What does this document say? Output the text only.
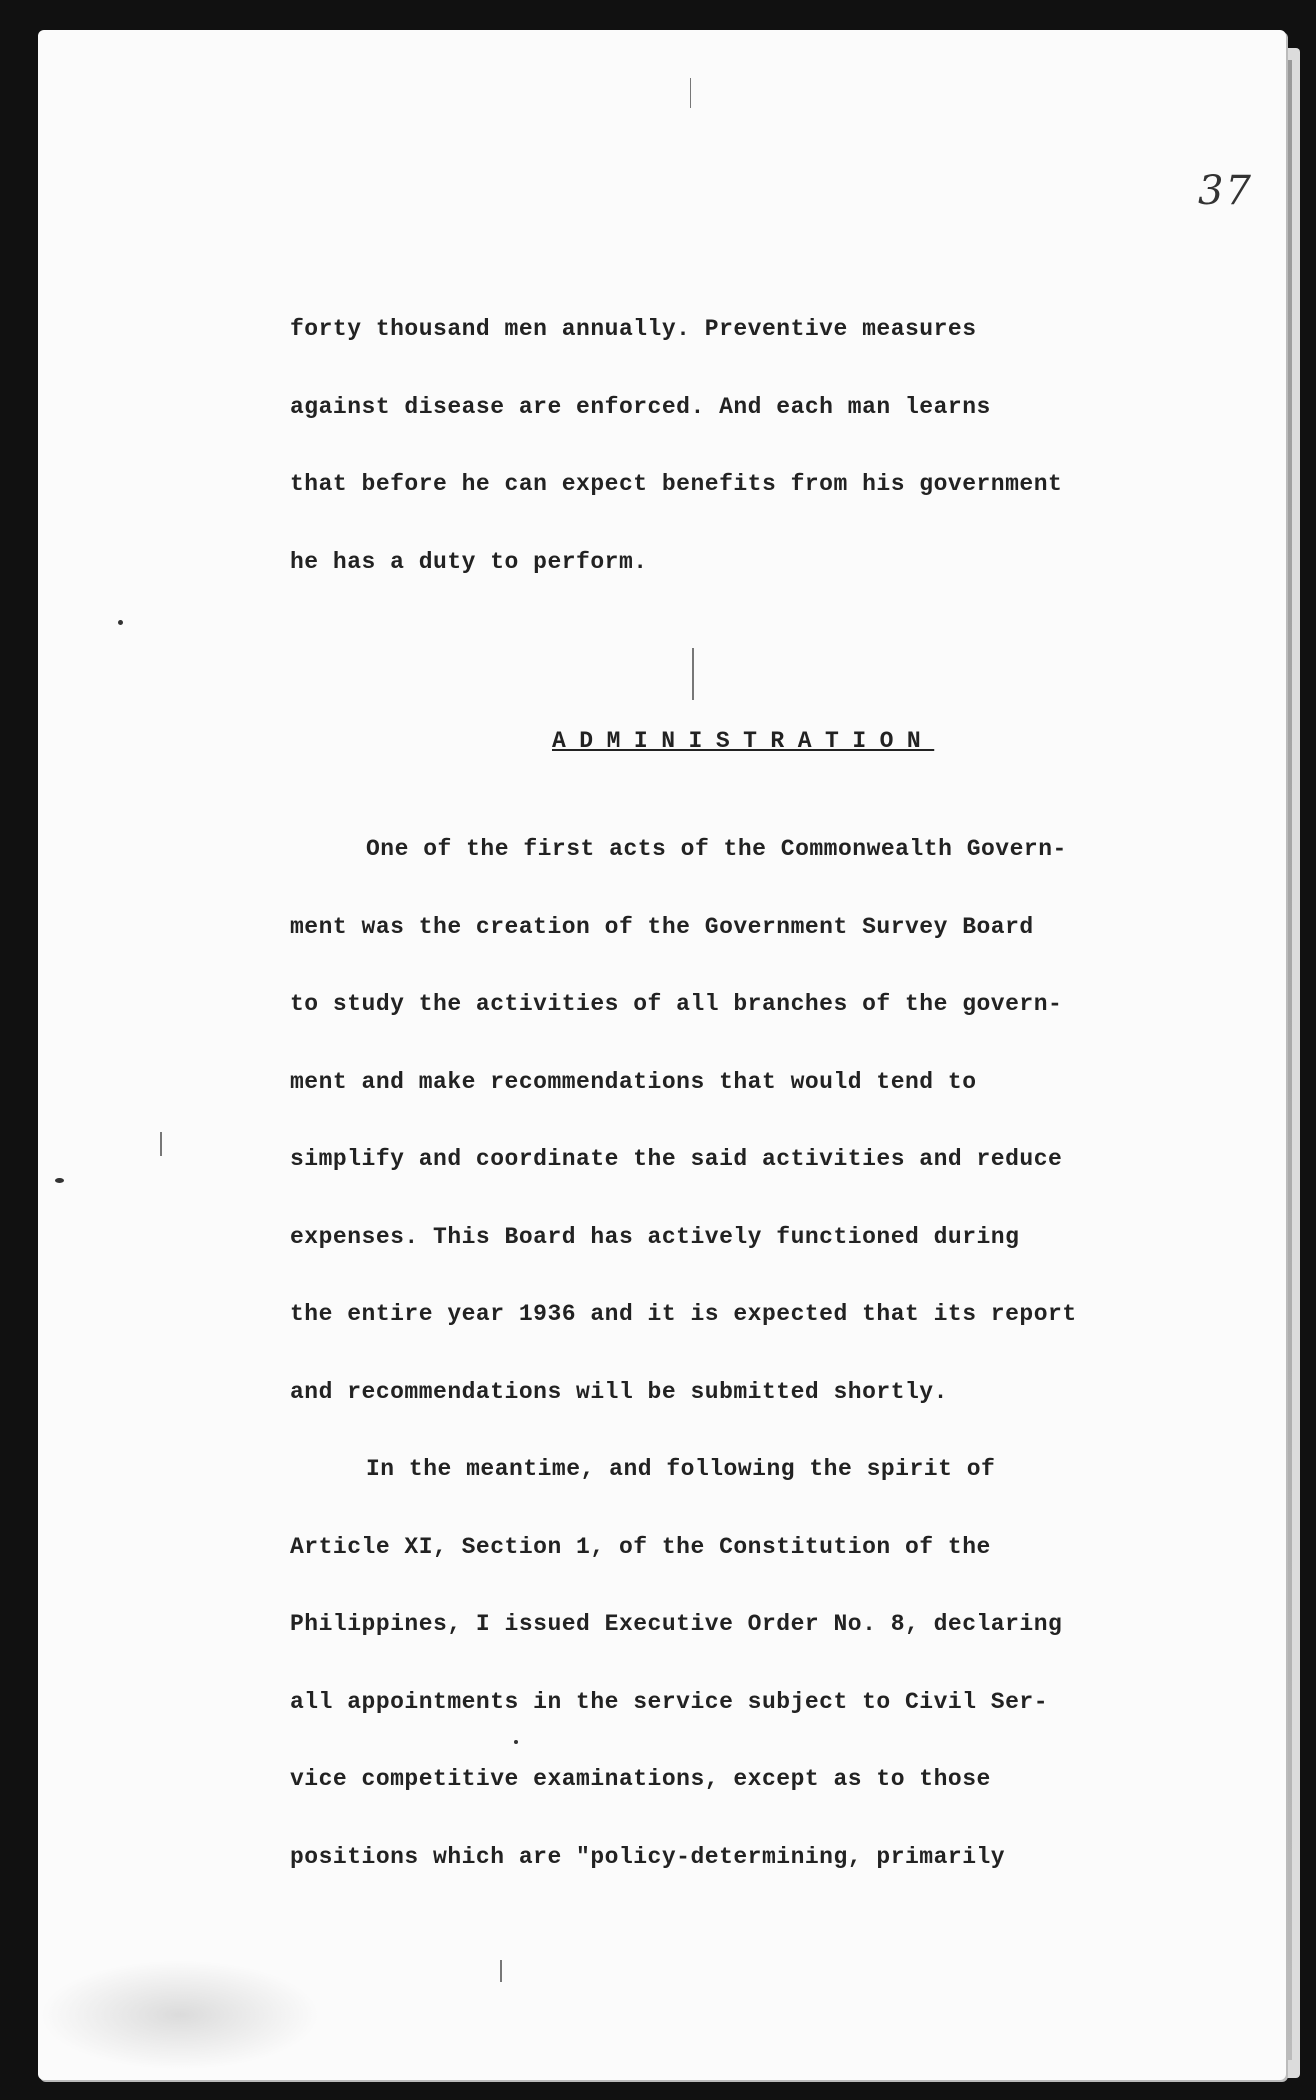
37
forty thousand men annually. Preventive measures
against disease are enforced. And each man learns
that before he can expect benefits from his government
he has a duty to perform.
ADMINISTRATION
One of the first acts of the Commonwealth Govern-
ment was the creation of the Government Survey Board
to study the activities of all branches of the govern-
ment and make recommendations that would tend to
simplify and coordinate the said activities and reduce
expenses. This Board has actively functioned during
the entire year 1936 and it is expected that its report
and recommendations will be submitted shortly.
In the meantime, and following the spirit of
Article XI, Section 1, of the Constitution of the
Philippines, I issued Executive Order No. 8, declaring
all appointments in the service subject to Civil Ser-
vice competitive examinations, except as to those
positions which are "policy-determining, primarily
